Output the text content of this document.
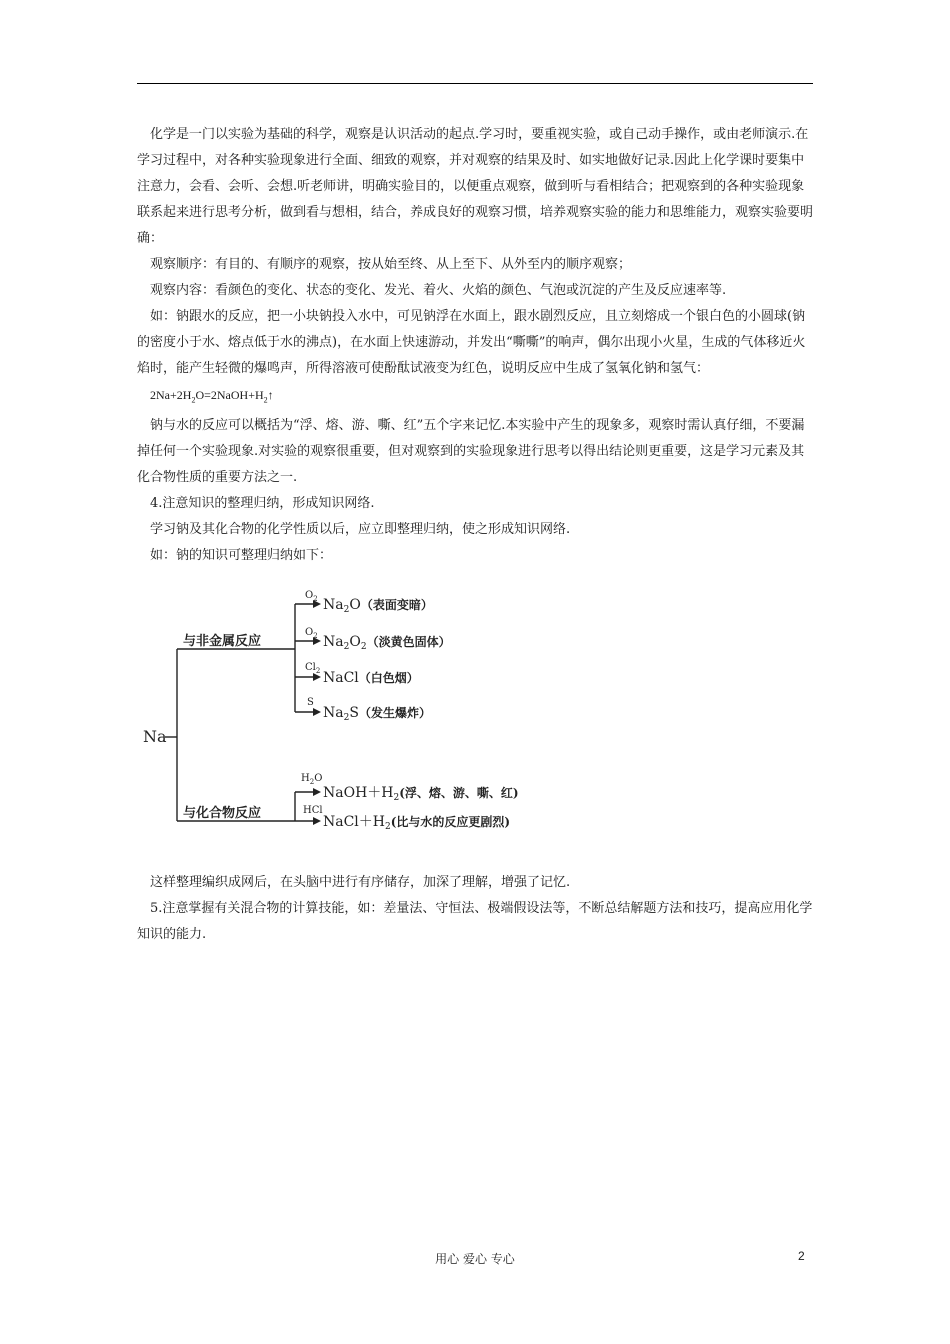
化学是一门以实验为基础的科学，观察是认识活动的起点.学习时，要重视实验，或自己动手操作，或由老师演示.在学习过程中，对各种实验现象进行全面、细致的观察，并对观察的结果及时、如实地做好记录.因此上化学课时要集中注意力，会看、会听、会想.听老师讲，明确实验目的，以便重点观察，做到听与看相结合；把观察到的各种实验现象联系起来进行思考分析，做到看与想相，结合，养成良好的观察习惯，培养观察实验的能力和思维能力，观察实验要明确：

观察顺序：有目的、有顺序的观察，按从始至终、从上至下、从外至内的顺序观察；

观察内容：看颜色的变化、状态的变化、发光、着火、火焰的颜色、气泡或沉淀的产生及反应速率等.

如：钠跟水的反应，把一小块钠投入水中，可见钠浮在水面上，跟水剧烈反应，且立刻熔成一个银白色的小圆球(钠的密度小于水、熔点低于水的沸点)，在水面上快速游动，并发出“嘶嘶”的响声，偶尔出现小火星，生成的气体移近火焰时，能产生轻微的爆鸣声，所得溶液可使酚酞试液变为红色，说明反应中生成了氢氧化钠和氢气：

$2Na+2H_2O=2NaOH+H_2↑$

钠与水的反应可以概括为“浮、熔、游、嘶、红”五个字来记忆.本实验中产生的现象多，观察时需认真仔细，不要漏掉任何一个实验现象.对实验的观察很重要，但对观察到的实验现象进行思考以得出结论则更重要，这是学习元素及其化合物性质的重要方法之一.

4.注意知识的整理归纳，形成知识网络.

学习钠及其化合物的化学性质以后，应立即整理归纳，使之形成知识网络.

如：钠的知识可整理归纳如下：

Na
与非金属反应
与化合物反应
$O_2$ $Na_2O$（表面变暗）
$O_2$ $Na_2O_2$（淡黄色固体）
$Cl_2$ NaCl（白色烟）
S
$Na_2S$（发生爆炸）
$H_2O$
$NaOH+H_2$(浮、熔、游、嘶、红)
HCl
$NaCl+H_2$(比与水的反应更剧烈)

这样整理编织成网后，在头脑中进行有序储存，加深了理解，增强了记忆.

5.注意掌握有关混合物的计算技能，如：差量法、守恒法、极端假设法等，不断总结解题方法和技巧，提高应用化学知识的能力.

用心 爱心 专心	2
